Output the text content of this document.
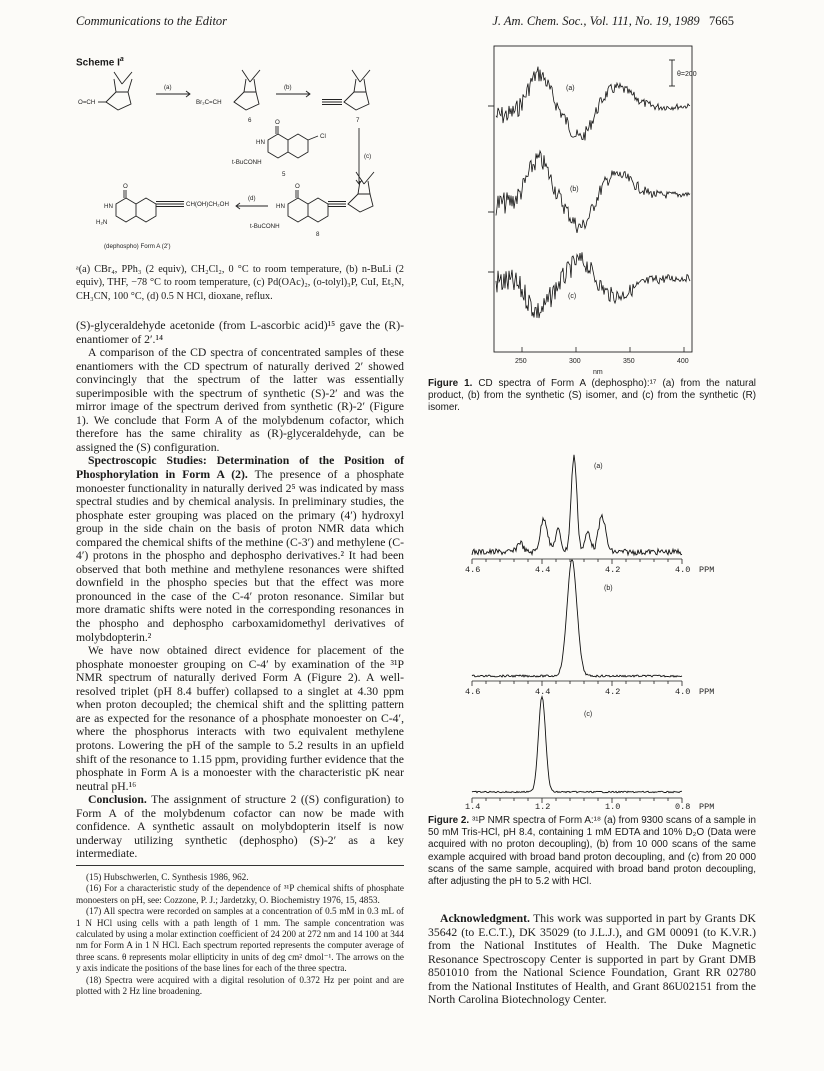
Communications to the Editor	J. Am. Chem. Soc., Vol. 111, No. 19, 1989 7665
Scheme $I^a$
O=CH
(a)
Br₂C=CH
6
(b)
7
(c)
O
HN
Cl
t-BuCONH
5
O
HN
H₂N
CH(OH)CH₂OH
(d)
O
HN
t-BuCONH
8
(dephospho) Form A (2')
ᵃ(a) CBr₄, PPh₃ (2 equiv), CH₂Cl₂, 0 °C to room temperature, (b) n-BuLi (2 equiv), THF, −78 °C to room temperature, (c) Pd(OAc)₂, (o-tolyl)₃P, CuI, Et₃N, CH₃CN, 100 °C, (d) 0.5 N HCl, dioxane, reflux.

(S)-glyceraldehyde acetonide (from L-ascorbic acid)¹⁵ gave the (R)-enantiomer of 2′.¹⁴

A comparison of the CD spectra of concentrated samples of these enantiomers with the CD spectrum of naturally derived 2′ showed convincingly that the spectrum of the latter was essentially superimposible with the spectrum of synthetic (S)-2′ and was the mirror image of the spectrum derived from synthetic (R)-2′ (Figure 1). We conclude that Form A of the molybdenum cofactor, which therefore has the same chirality as (R)-glyceraldehyde, can be assigned the (S) configuration.

Spectroscopic Studies: Determination of the Position of Phosphorylation in Form A (2). The presence of a phosphate monoester functionality in naturally derived 2⁵ was indicated by mass spectral studies and by chemical analysis. In preliminary studies, the phosphate ester grouping was placed on the primary (4′) hydroxyl group in the side chain on the basis of proton NMR data which compared the chemical shifts of the methine (C-3′) and methylene (C-4′) protons in the phospho and dephospho derivatives.² It had been observed that both methine and methylene resonances were shifted downfield in the phospho species but that the effect was more pronounced in the case of the C-4′ proton resonance. Similar but more dramatic shifts were noted in the corresponding resonances in the phospho and dephospho carboxamidomethyl derivatives of molybdopterin.²

We have now obtained direct evidence for placement of the phosphate monoester grouping on C-4′ by examination of the ³¹P NMR spectrum of naturally derived Form A (Figure 2). A well-resolved triplet (pH 8.4 buffer) collapsed to a singlet at 4.30 ppm when proton decoupled; the chemical shift and the splitting pattern are as expected for the resonance of a phosphate monoester on C-4′, where the phosphorus interacts with two equivalent methylene protons. Lowering the pH of the sample to 5.2 results in an upfield shift of the resonance to 1.15 ppm, providing further evidence that the phosphate in Form A is a monoester with the characteristic pK near neutral pH.¹⁶

Conclusion. The assignment of structure 2 ((S) configuration) to Form A of the molybdenum cofactor can now be made with confidence. A synthetic assault on molybdopterin itself is now underway utilizing synthetic (dephospho) (S)-2′ as a key intermediate.

(15) Hubschwerlen, C. Synthesis 1986, 962.

(16) For a characteristic study of the dependence of ³¹P chemical shifts of phosphate monoesters on pH, see: Cozzone, P. J.; Jardetzky, O. Biochemistry 1976, 15, 4853.

(17) All spectra were recorded on samples at a concentration of 0.5 mM in 0.3 mL of 1 N HCl using cells with a path length of 1 mm. The sample concentration was calculated by using a molar extinction coefficient of 24 200 at 272 nm and 14 100 at 344 nm for Form A in 1 N HCl. Each spectrum reported represents the computer average of three scans. θ represents molar ellipticity in units of deg cm² dmol⁻¹. The arrows on the y axis indicate the positions of the base lines for each of the three spectra.

(18) Spectra were acquired with a digital resolution of 0.372 Hz per point and are plotted with 2 Hz line broadening.

θ=200
(a)
(b)
(c)
250	300	350	400
nm
Figure 1. CD spectra of Form A (dephospho):¹⁷ (a) from the natural product, (b) from the synthetic (S) isomer, and (c) from the synthetic (R) isomer.
(a)
(b)
(c)
4.6	4.4	4.2	4.0 PPM
4.6	4.4	4.2	4.0 PPM
1.4	1.2	1.0	0.8 PPM
Figure 2. ³¹P NMR spectra of Form A:¹⁸ (a) from 9300 scans of a sample in 50 mM Tris-HCl, pH 8.4, containing 1 mM EDTA and 10% D₂O (Data were acquired with no proton decoupling), (b) from 10 000 scans of the same example acquired with broad band proton decoupling, and (c) from 20 000 scans of the same sample, acquired with broad band proton decoupling, after adjusting the pH to 5.2 with HCl.

Acknowledgment. This work was supported in part by Grants DK 35642 (to E.C.T.), DK 35029 (to J.L.J.), and GM 00091 (to K.V.R.) from the National Institutes of Health. The Duke Magnetic Resonance Spectroscopy Center is supported in part by Grant DMB 8501010 from the National Science Foundation, Grant RR 02780 from the National Institutes of Health, and Grant 86U02151 from the North Carolina Biotechnology Center.
